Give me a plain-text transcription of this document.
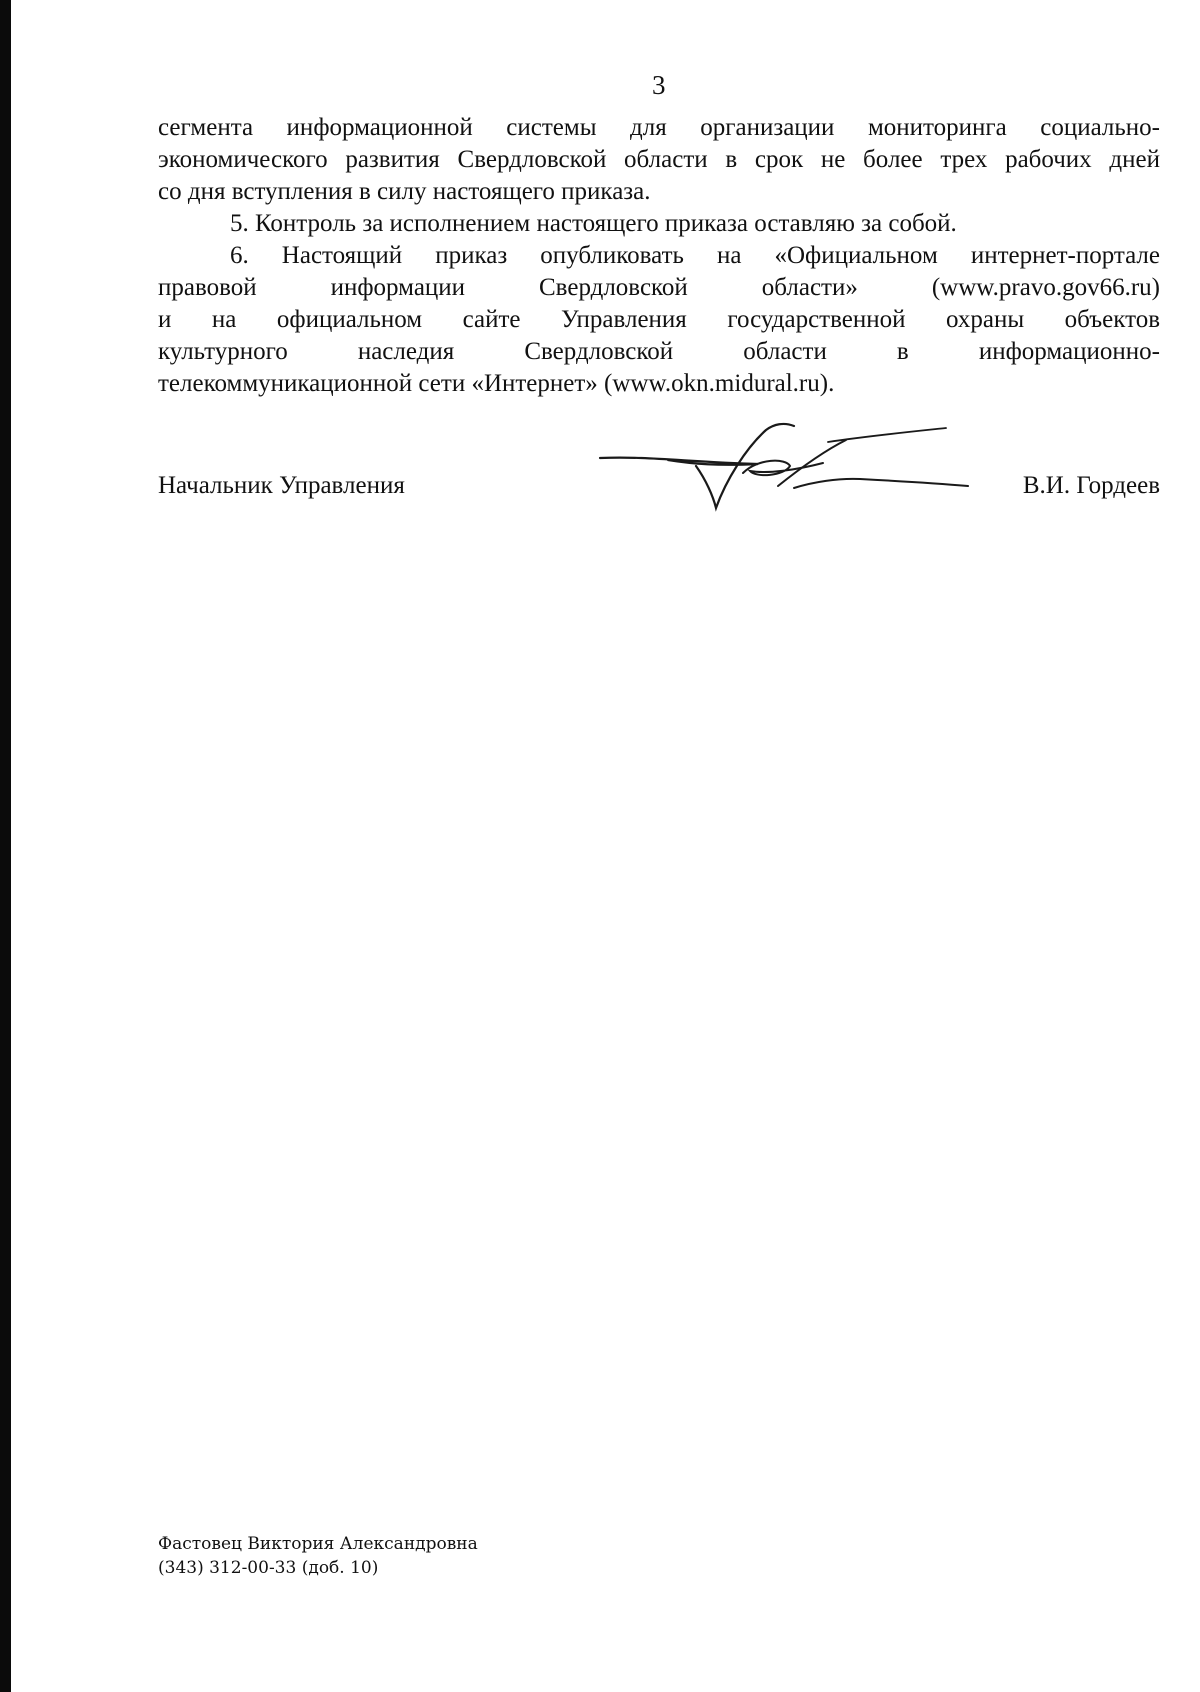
3
сегмента информационной системы для организации мониторинга социально-
экономического развития Свердловской области в срок не более трех рабочих дней
со дня вступления в силу настоящего приказа.
5. Контроль за исполнением настоящего приказа оставляю за собой.
6. Настоящий приказ опубликовать на «Официальном интернет-портале
правовой информации Свердловской области» (www.pravo.gov66.ru)
и на официальном сайте Управления государственной охраны объектов
культурного наследия Свердловской области в информационно-
телекоммуникационной сети «Интернет» (www.okn.midural.ru).
Начальник Управления	В.И. Гордеев
Фастовец Виктория Александровна
(343) 312-00-33 (доб. 10)
